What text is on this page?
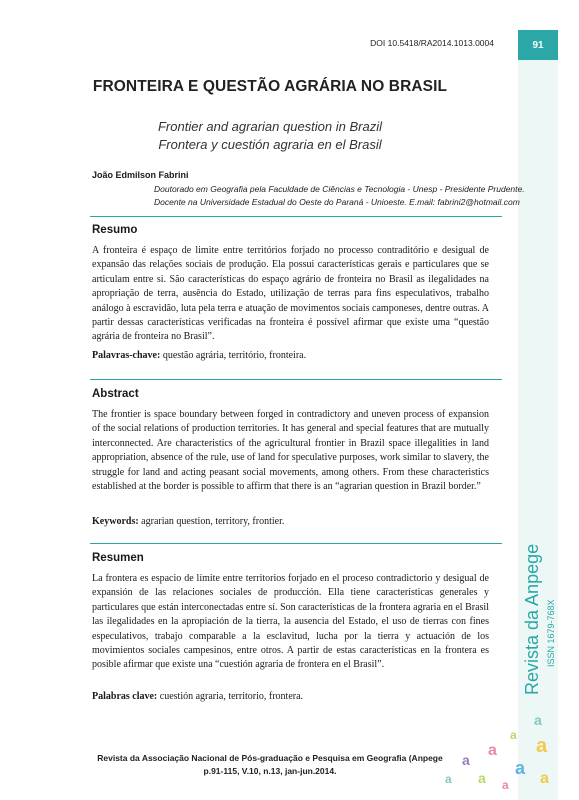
DOI 10.5418/RA2014.1013.0004	91
FRONTEIRA E QUESTÃO AGRÁRIA NO BRASIL
Frontier and agrarian question in Brazil
Frontera y cuestión agraria en el Brasil
João Edmilson Fabrini
Doutorado em Geografia pela Faculdade de Ciências e Tecnologia - Unesp - Presidente Prudente.
Docente na Universidade Estadual do Oeste do Paraná - Unioeste. E.mail: fabrini2@hotmail.com
Resumo

A fronteira é espaço de limite entre territórios forjado no processo contraditório e desigual de expansão das relações sociais de produção. Ela possui características gerais e particulares que se articulam entre si. São características do espaço agrário de fronteira no Brasil as ilegalidades na apropriação de terra, ausência do Estado, utilização de terras para fins especulativos, trabalho análogo à escravidão, luta pela terra e atuação de movimentos sociais camponeses, dentre outras. A partir dessas características verificadas na fronteira é possível afirmar que existe uma “questão agrária de fronteira no Brasil”.

Palavras-chave: questão agrária, território, fronteira.
Abstract

The frontier is space boundary between forged in contradictory and uneven process of expansion of the social relations of production territories. It has general and special features that are mutually interconnected. Are characteristics of the agricultural frontier in Brazil space illegalities in land appropriation, absence of the rule, use of land for speculative purposes, work similar to slavery, the struggle for land and acting peasant social movements, among others. From these characteristics established at the border is possible to affirm that there is an “agrarian question in Brazil border.”

Keywords: agrarian question, territory, frontier.
Resumen

La frontera es espacio de límite entre territorios forjado en el proceso contradictorio y desigual de expansión de las relaciones sociales de producción. Ella tiene características generales y particulares que están interconectadas entre sí. Son características de la frontera agraria en el Brasil las ilegalidades en la apropiación de la tierra, la ausencia del Estado, el uso de tierras con fines especulativos, trabajo comparable a la esclavitud, lucha por la tierra y actuación de los movimientos sociales campesinos, entre otros. A partir de estas características en la frontera es posible afirmar que existe una “cuestión agraria de frontera en el Brasil”.

Palabras clave: cuestión agraria, territorio, frontera.
Revista da Anpege ISSN 1679-768X
a
a a
a
a	a
a a	a
a
Revista da Associação Nacional de Pós-graduação e Pesquisa em Geografia (Anpege
p.91-115, V.10, n.13, jan-jun.2014.
